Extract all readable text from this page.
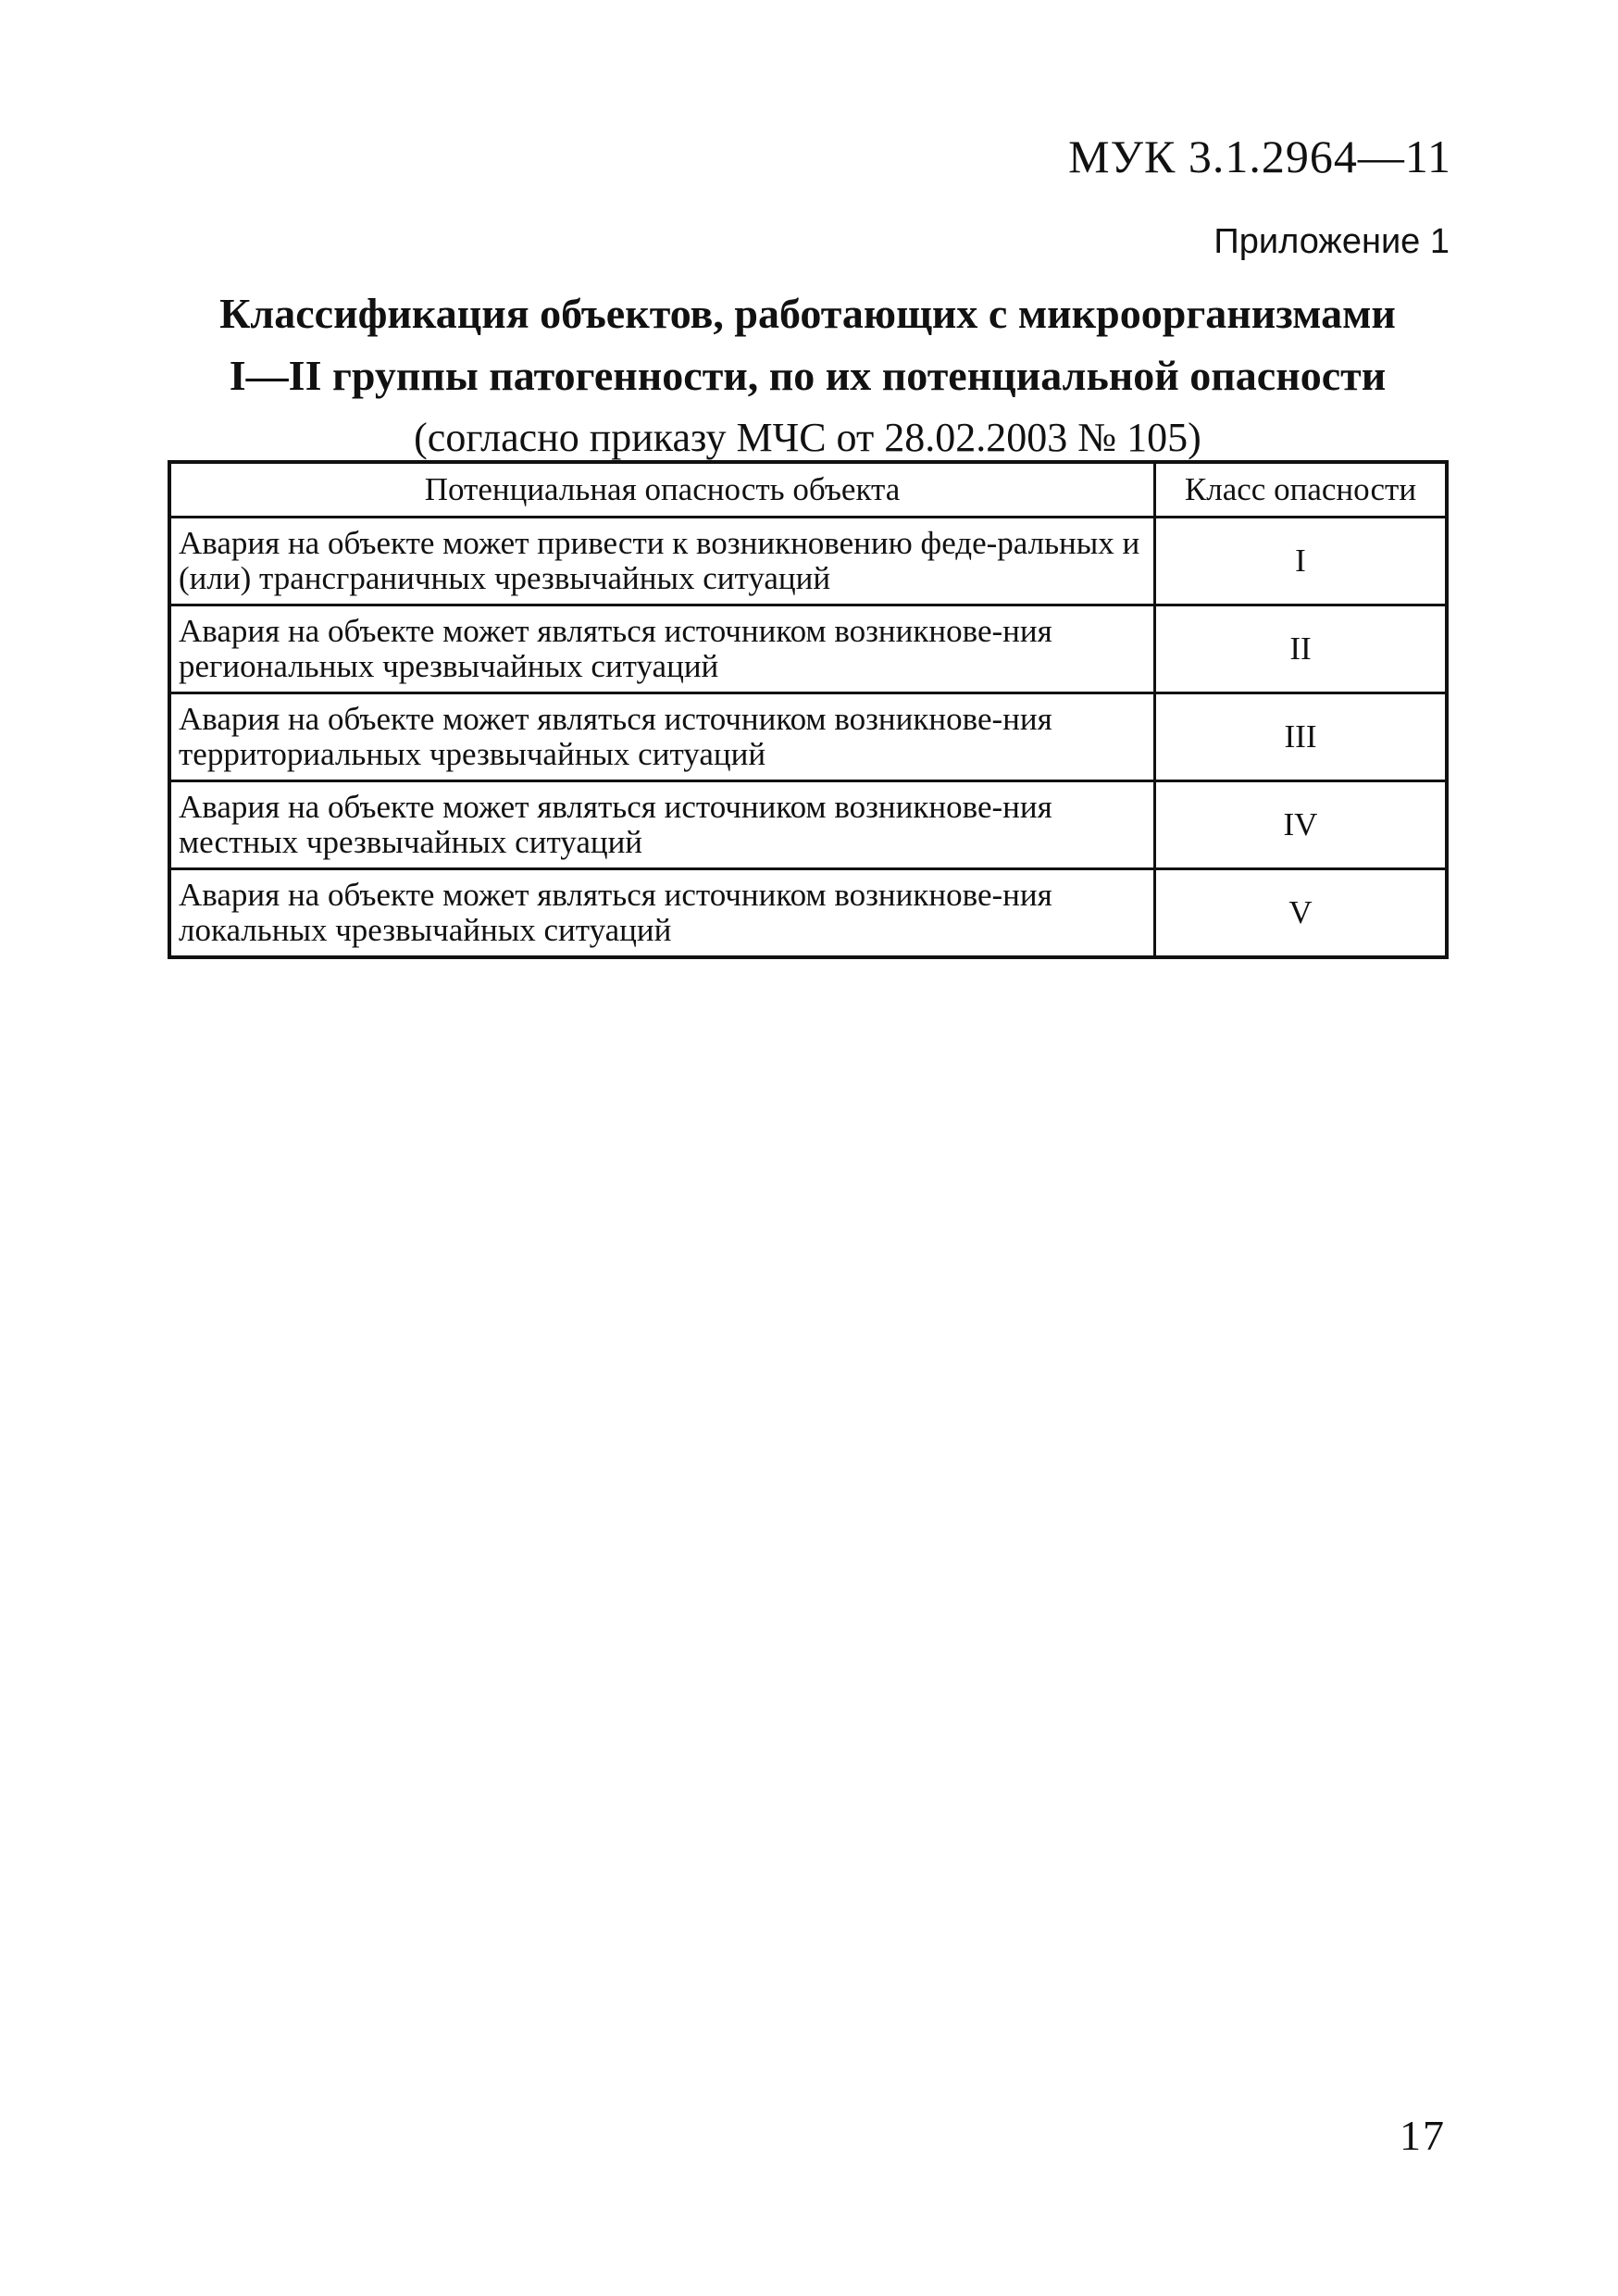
МУК 3.1.2964—11
Приложение 1
Классификация объектов, работающих с микроорганизмами
I—II группы патогенности, по их потенциальной опасности
(согласно приказу МЧС от 28.02.2003 № 105)
Потенциальная опасность объекта	Класс опасности
Авария на объекте может привести к возникновению феде-ральных и (или) трансграничных чрезвычайных ситуаций	I
Авария на объекте может являться источником возникнове-ния региональных чрезвычайных ситуаций	II
Авария на объекте может являться источником возникнове-ния территориальных чрезвычайных ситуаций	III
Авария на объекте может являться источником возникнове-ния местных чрезвычайных ситуаций	IV
Авария на объекте может являться источником возникнове-ния локальных чрезвычайных ситуаций	V
17
